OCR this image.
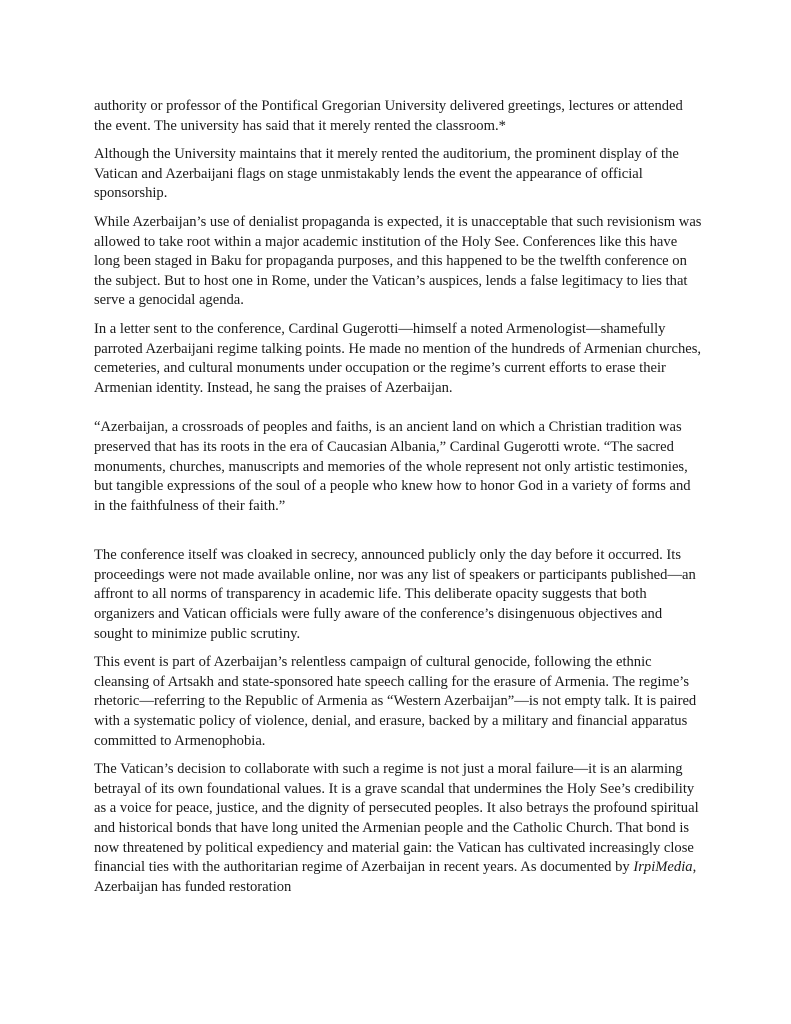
authority or professor of the Pontifical Gregorian University delivered greetings, lectures or attended the event. The university has said that it merely rented the classroom.*

Although the University maintains that it merely rented the auditorium, the prominent display of the Vatican and Azerbaijani flags on stage unmistakably lends the event the appearance of official sponsorship.

While Azerbaijan’s use of denialist propaganda is expected, it is unacceptable that such revisionism was allowed to take root within a major academic institution of the Holy See. Conferences like this have long been staged in Baku for propaganda purposes, and this happened to be the twelfth conference on the subject. But to host one in Rome, under the Vatican’s auspices, lends a false legitimacy to lies that serve a genocidal agenda.

In a letter sent to the conference, Cardinal Gugerotti—himself a noted Armenologist—shamefully parroted Azerbaijani regime talking points. He made no mention of the hundreds of Armenian churches, cemeteries, and cultural monuments under occupation or the regime’s current efforts to erase their Armenian identity. Instead, he sang the praises of Azerbaijan.

“Azerbaijan, a crossroads of peoples and faiths, is an ancient land on which a Christian tradition was preserved that has its roots in the era of Caucasian Albania,” Cardinal Gugerotti wrote. “The sacred monuments, churches, manuscripts and memories of the whole represent not only artistic testimonies, but tangible expressions of the soul of a people who knew how to honor God in a variety of forms and in the faithfulness of their faith.”

The conference itself was cloaked in secrecy, announced publicly only the day before it occurred. Its proceedings were not made available online, nor was any list of speakers or participants published—an affront to all norms of transparency in academic life. This deliberate opacity suggests that both organizers and Vatican officials were fully aware of the conference’s disingenuous objectives and sought to minimize public scrutiny.

This event is part of Azerbaijan’s relentless campaign of cultural genocide, following the ethnic cleansing of Artsakh and state-sponsored hate speech calling for the erasure of Armenia. The regime’s rhetoric—referring to the Republic of Armenia as “Western Azerbaijan”—is not empty talk. It is paired with a systematic policy of violence, denial, and erasure, backed by a military and financial apparatus committed to Armenophobia.

The Vatican’s decision to collaborate with such a regime is not just a moral failure—it is an alarming betrayal of its own foundational values. It is a grave scandal that undermines the Holy See’s credibility as a voice for peace, justice, and the dignity of persecuted peoples. It also betrays the profound spiritual and historical bonds that have long united the Armenian people and the Catholic Church. That bond is now threatened by political expediency and material gain: the Vatican has cultivated increasingly close financial ties with the authoritarian regime of Azerbaijan in recent years. As documented by IrpiMedia, Azerbaijan has funded restoration
